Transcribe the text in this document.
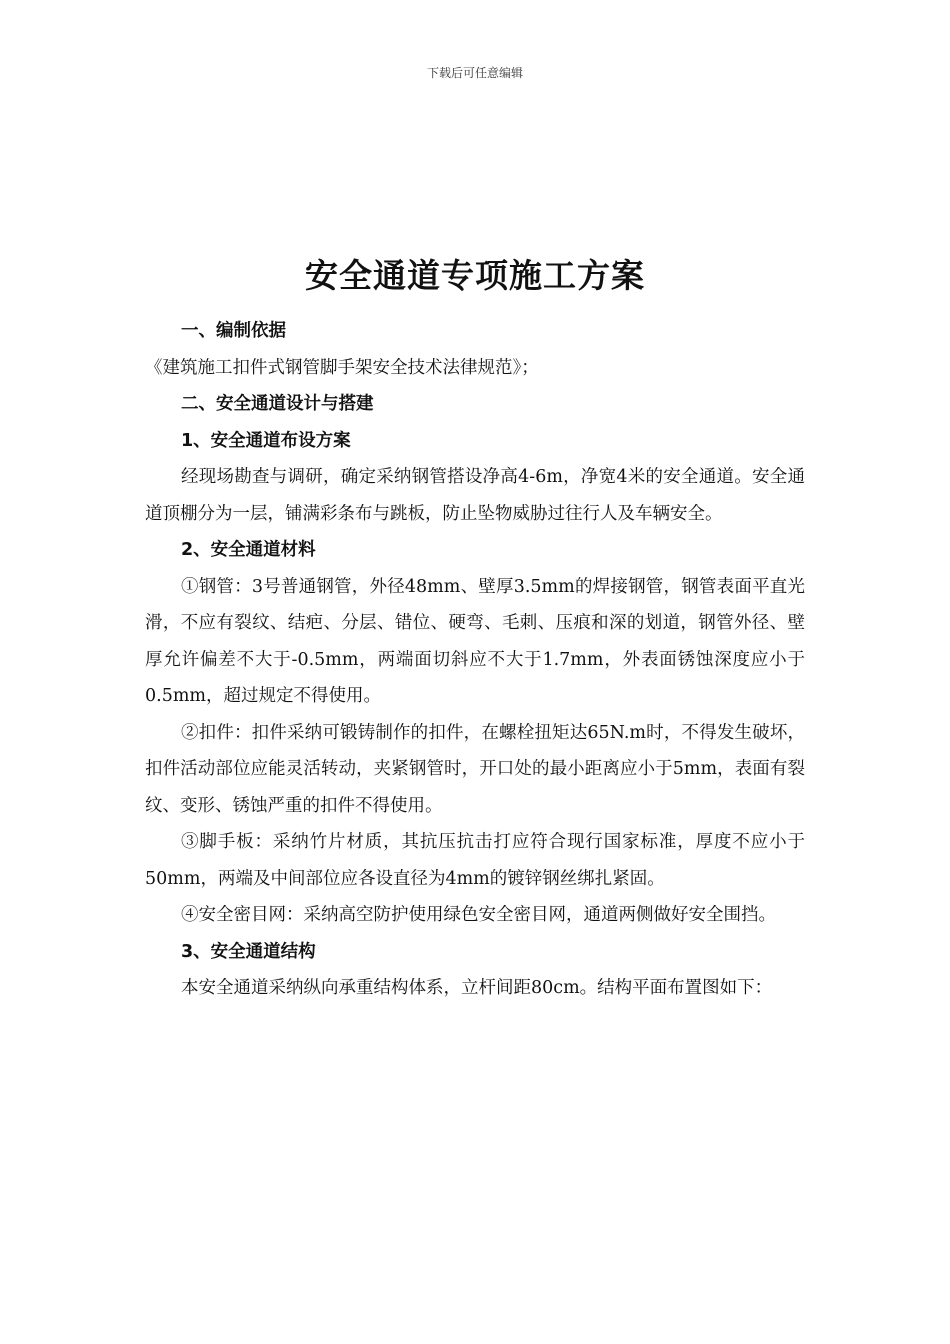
下载后可任意编辑
安全通道专项施工方案
一、编制依据
《建筑施工扣件式钢管脚手架安全技术法律规范》；
二、安全通道设计与搭建
1、安全通道布设方案
经现场勘查与调研，确定采纳钢管搭设净高4-6m，净宽4米的安全通道。安全通道顶棚分为一层，铺满彩条布与跳板，防止坠物威胁过往行人及车辆安全。
2、安全通道材料
①钢管：3号普通钢管，外径48mm、壁厚3.5mm的焊接钢管，钢管表面平直光滑，不应有裂纹、结疤、分层、错位、硬弯、毛刺、压痕和深的划道，钢管外径、壁厚允许偏差不大于-0.5mm，两端面切斜应不大于1.7mm，外表面锈蚀深度应小于0.5mm，超过规定不得使用。
②扣件：扣件采纳可锻铸制作的扣件，在螺栓扭矩达65N.m时，不得发生破坏，扣件活动部位应能灵活转动，夹紧钢管时，开口处的最小距离应小于5mm，表面有裂纹、变形、锈蚀严重的扣件不得使用。
③脚手板：采纳竹片材质，其抗压抗击打应符合现行国家标准，厚度不应小于50mm，两端及中间部位应各设直径为4mm的镀锌钢丝绑扎紧固。
④安全密目网：采纳高空防护使用绿色安全密目网，通道两侧做好安全围挡。
3、安全通道结构
本安全通道采纳纵向承重结构体系，立杆间距80cm。结构平面布置图如下：
